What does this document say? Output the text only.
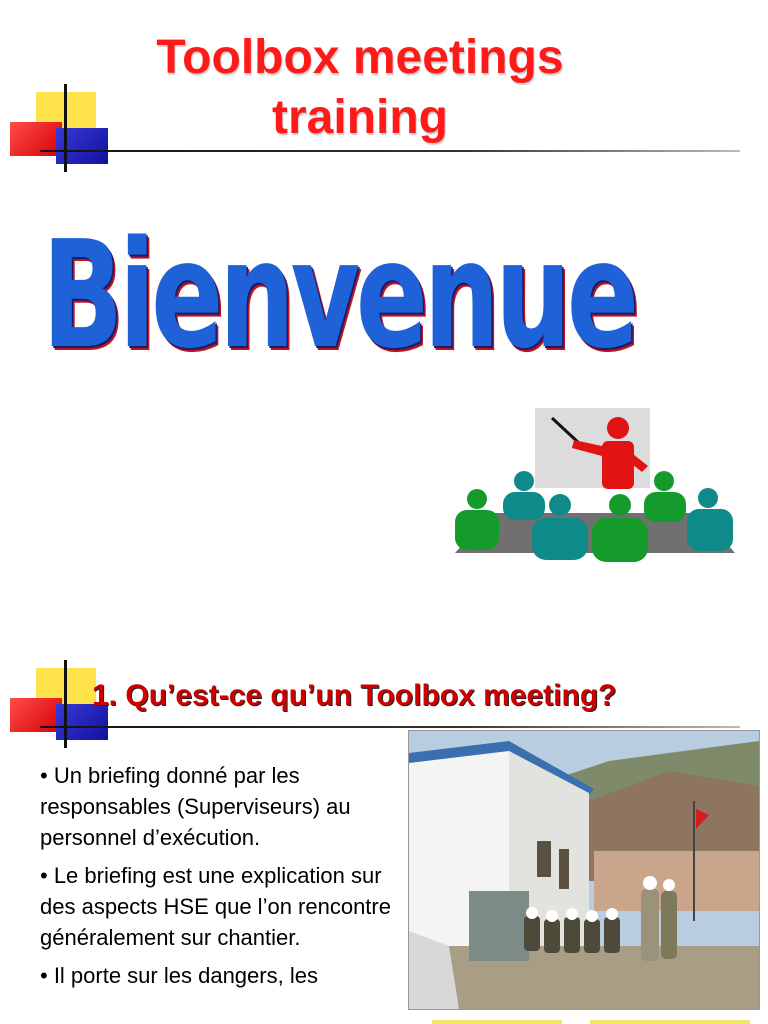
Toolbox meetings training
Bienvenue
1. Qu’est-ce qu’un Toolbox meeting?

• Un briefing donné par les responsables (Superviseurs) au personnel d’exécution.

• Le briefing est une explication sur des aspects HSE que l’on rencontre généralement sur chantier.

• Il porte sur les dangers, les
